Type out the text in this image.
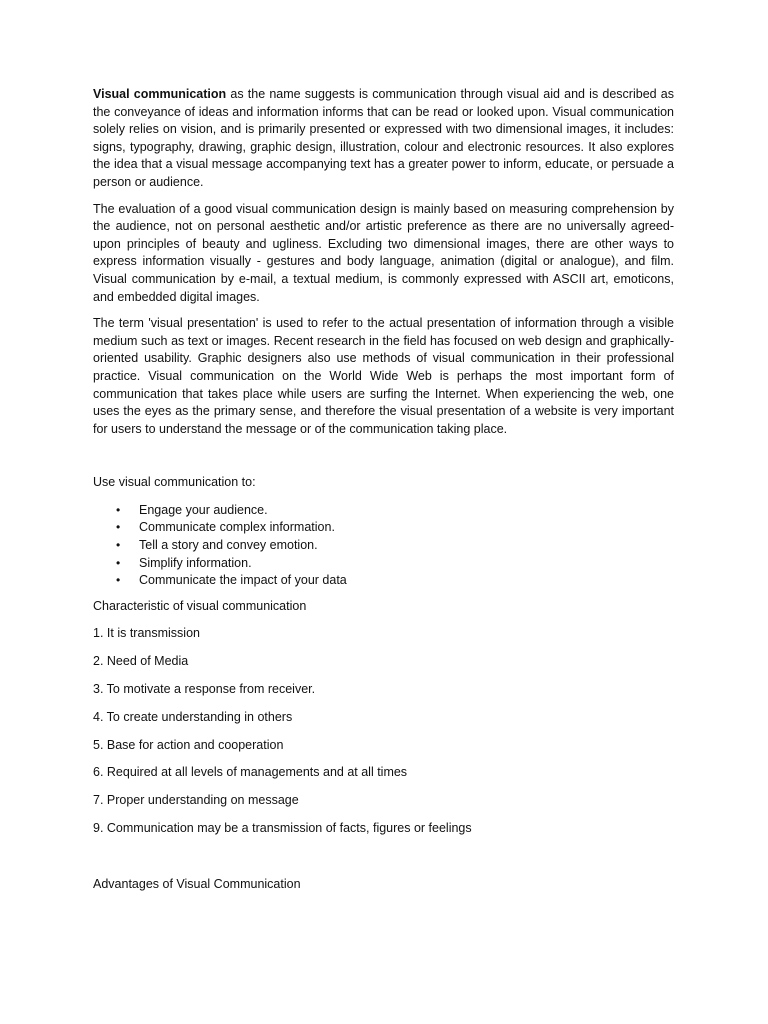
Visual communication as the name suggests is communication through visual aid and is described as the conveyance of ideas and information informs that can be read or looked upon. Visual communication solely relies on vision, and is primarily presented or expressed with two dimensional images, it includes: signs, typography, drawing, graphic design, illustration, colour and electronic resources. It also explores the idea that a visual message accompanying text has a greater power to inform, educate, or persuade a person or audience.

The evaluation of a good visual communication design is mainly based on measuring comprehension by the audience, not on personal aesthetic and/or artistic preference as there are no universally agreed-upon principles of beauty and ugliness. Excluding two dimensional images, there are other ways to express information visually - gestures and body language, animation (digital or analogue), and film. Visual communication by e-mail, a textual medium, is commonly expressed with ASCII art, emoticons, and embedded digital images.

The term 'visual presentation' is used to refer to the actual presentation of information through a visible medium such as text or images. Recent research in the field has focused on web design and graphically-oriented usability. Graphic designers also use methods of visual communication in their professional practice. Visual communication on the World Wide Web is perhaps the most important form of communication that takes place while users are surfing the Internet. When experiencing the web, one uses the eyes as the primary sense, and therefore the visual presentation of a website is very important for users to understand the message or of the communication taking place.

Use visual communication to:

• Engage your audience.
• Communicate complex information.
• Tell a story and convey emotion.
• Simplify information.
• Communicate the impact of your data

Characteristic of visual communication

1. It is transmission

2. Need of Media

3. To motivate a response from receiver.

4. To create understanding in others

5. Base for action and cooperation

6. Required at all levels of managements and at all times

7. Proper understanding on message

9. Communication may be a transmission of facts, figures or feelings

Advantages of Visual Communication
